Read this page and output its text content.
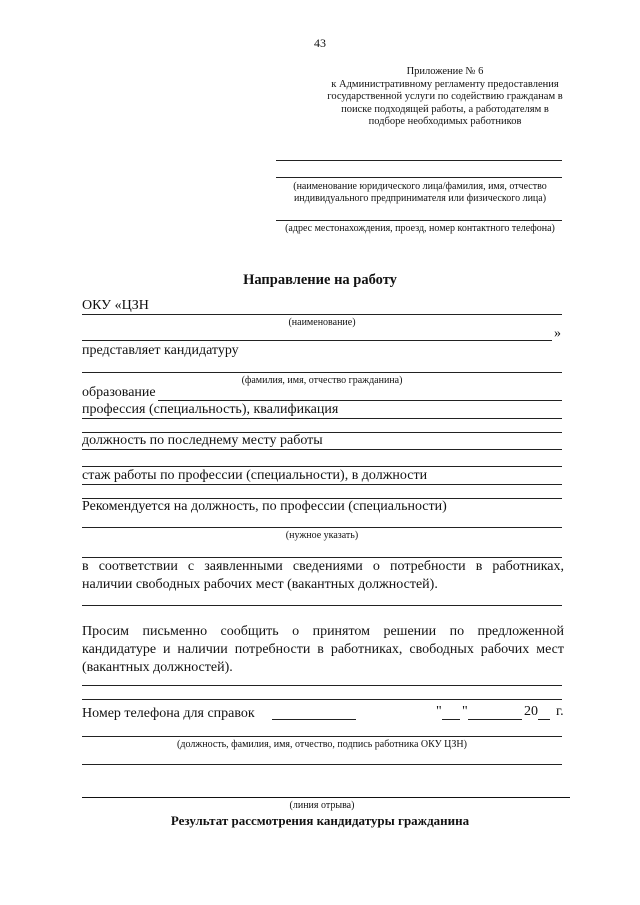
43
Приложение № 6
к Административному регламенту предоставления
государственной услуги по содействию гражданам в
поиске подходящей работы, а работодателям в
подборе необходимых работников
(наименование юридического лица/фамилия, имя, отчество
индивидуального предпринимателя или физического лица)
(адрес местонахождения, проезд, номер контактного телефона)
Направление на работу
ОКУ «ЦЗН
(наименование)
»
представляет кандидатуру
(фамилия, имя, отчество гражданина)
образование
профессия (специальность), квалификация
должность по последнему месту работы
стаж работы по профессии (специальности), в должности
Рекомендуется на должность, по профессии (специальности)
(нужное указать)
в соответствии с заявленными сведениями о потребности в работниках, наличии свободных рабочих мест (вакантных должностей).
Просим письменно сообщить о принятом решении по предложенной кандидатуре и наличии потребности в работниках, свободных рабочих мест (вакантных должностей).
Номер телефона для справок	" "	20 г.
(должность, фамилия, имя, отчество, подпись работника ОКУ ЦЗН)
(линия отрыва)
Результат рассмотрения кандидатуры гражданина
